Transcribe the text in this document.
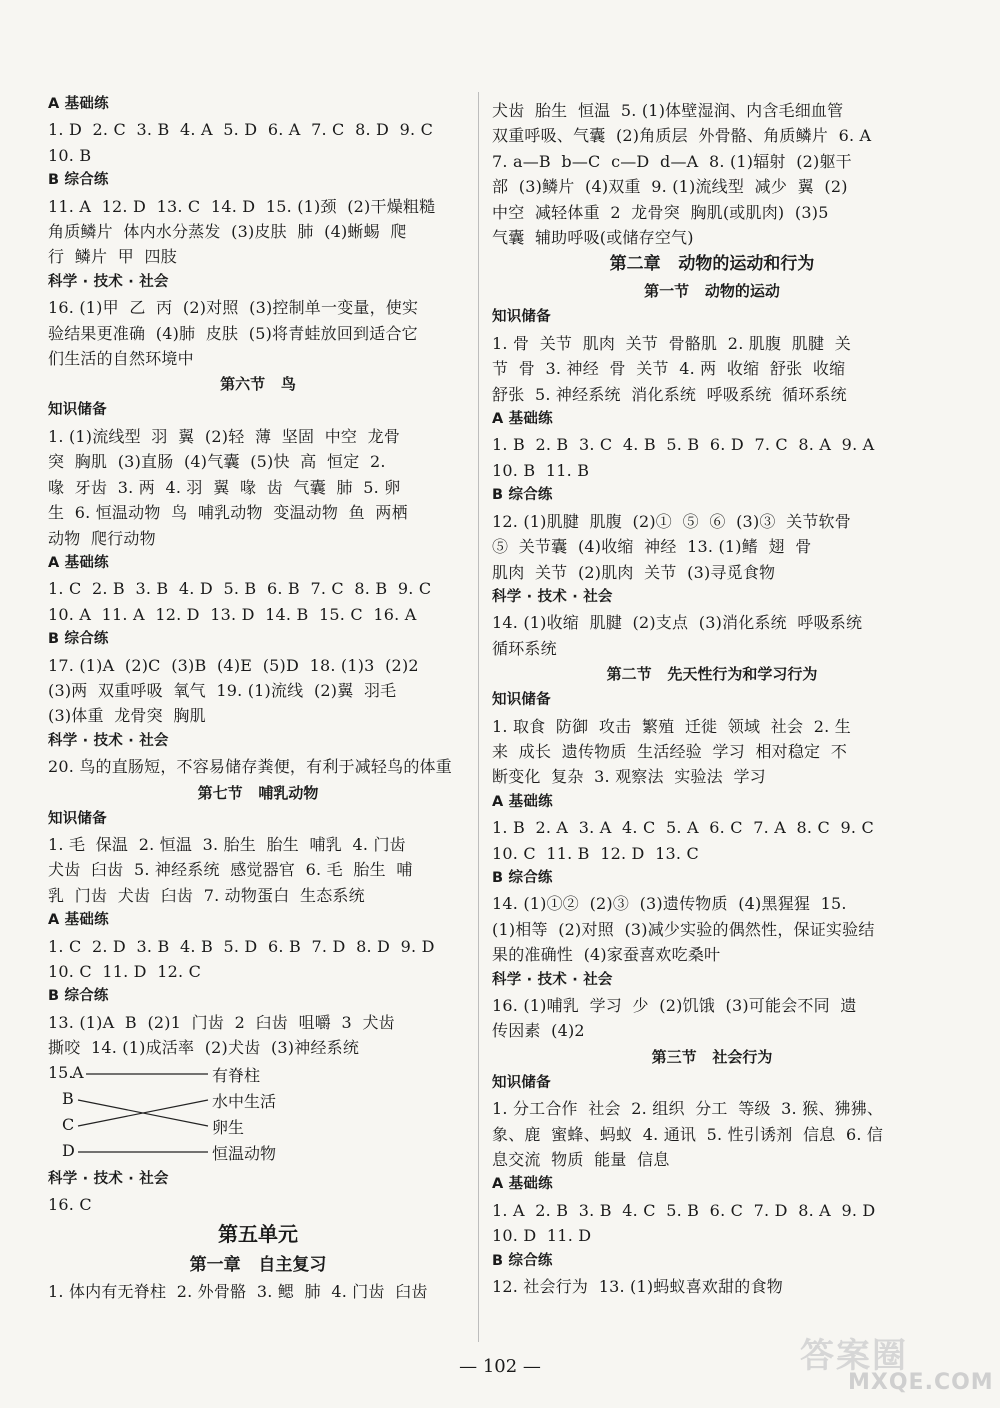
A 基础练
1. D  2. C  3. B  4. A  5. D  6. A  7. C  8. D  9. C
10. B
B 综合练
11. A  12. D  13. C  14. D  15. (1)颈  (2)干燥粗糙
角质鳞片  体内水分蒸发  (3)皮肤  肺  (4)蜥蜴  爬
行  鳞片  甲  四肢
科学 · 技术 · 社会
16. (1)甲  乙  丙  (2)对照  (3)控制单一变量，使实
验结果更准确  (4)肺  皮肤  (5)将青蛙放回到适合它
们生活的自然环境中
第六节   鸟
知识储备
1. (1)流线型  羽  翼  (2)轻  薄  坚固  中空  龙骨
突  胸肌  (3)直肠  (4)气囊  (5)快  高  恒定  2.
喙  牙齿  3. 两  4. 羽  翼  喙  齿  气囊  肺  5. 卵
生  6. 恒温动物  鸟  哺乳动物  变温动物  鱼  两栖
动物  爬行动物
A 基础练
1. C  2. B  3. B  4. D  5. B  6. B  7. C  8. B  9. C
10. A  11. A  12. D  13. D  14. B  15. C  16. A
B 综合练
17. (1)A  (2)C  (3)B  (4)E  (5)D  18. (1)3  (2)2
(3)两  双重呼吸  氧气  19. (1)流线  (2)翼  羽毛
(3)体重  龙骨突  胸肌
科学 · 技术 · 社会
20. 鸟的直肠短，不容易储存粪便，有利于减轻鸟的体重
第七节   哺乳动物
知识储备
1. 毛  保温  2. 恒温  3. 胎生  胎生  哺乳  4. 门齿
犬齿  臼齿  5. 神经系统  感觉器官  6. 毛  胎生  哺
乳  门齿  犬齿  臼齿  7. 动物蛋白  生态系统
A 基础练
1. C  2. D  3. B  4. B  5. D  6. B  7. D  8. D  9. D
10. C  11. D  12. C
B 综合练
13. (1)A  B  (2)1  门齿  2  臼齿  咀嚼  3  犬齿
撕咬  14. (1)成活率  (2)犬齿  (3)神经系统
15.
A
B
C
D
有脊柱
水中生活
卵生
恒温动物
科学 · 技术 · 社会
16. C
第五单元
第一章   自主复习
1. 体内有无脊柱  2. 外骨骼  3. 鳃  肺  4. 门齿  臼齿
犬齿  胎生  恒温  5. (1)体壁湿润、内含毛细血管
双重呼吸、气囊  (2)角质层  外骨骼、角质鳞片  6. A
7. a—B  b—C  c—D  d—A  8. (1)辐射  (2)躯干
部  (3)鳞片  (4)双重  9. (1)流线型  减少  翼  (2)
中空  减轻体重  2  龙骨突  胸肌(或肌肉)  (3)5
气囊  辅助呼吸(或储存空气)
第二章   动物的运动和行为
第一节   动物的运动
知识储备
1. 骨  关节  肌肉  关节  骨骼肌  2. 肌腹  肌腱  关
节  骨  3. 神经  骨  关节  4. 两  收缩  舒张  收缩
舒张  5. 神经系统  消化系统  呼吸系统  循环系统
A 基础练
1. B  2. B  3. C  4. B  5. B  6. D  7. C  8. A  9. A
10. B  11. B
B 综合练
12. (1)肌腱  肌腹  (2)①  ⑤  ⑥  (3)③  关节软骨
⑤  关节囊  (4)收缩  神经  13. (1)鳍  翅  骨
肌肉  关节  (2)肌肉  关节  (3)寻觅食物
科学 · 技术 · 社会
14. (1)收缩  肌腱  (2)支点  (3)消化系统  呼吸系统
循环系统
第二节   先天性行为和学习行为
知识储备
1. 取食  防御  攻击  繁殖  迁徙  领域  社会  2. 生
来  成长  遗传物质  生活经验  学习  相对稳定  不
断变化  复杂  3. 观察法  实验法  学习
A 基础练
1. B  2. A  3. A  4. C  5. A  6. C  7. A  8. C  9. C
10. C  11. B  12. D  13. C
B 综合练
14. (1)①②  (2)③  (3)遗传物质  (4)黑猩猩  15.
(1)相等  (2)对照  (3)减少实验的偶然性，保证实验结
果的准确性  (4)家蚕喜欢吃桑叶
科学 · 技术 · 社会
16. (1)哺乳  学习  少  (2)饥饿  (3)可能会不同  遗
传因素  (4)2
第三节   社会行为
知识储备
1. 分工合作  社会  2. 组织  分工  等级  3. 猴、狒狒、
象、鹿  蜜蜂、蚂蚁  4. 通讯  5. 性引诱剂  信息  6. 信
息交流  物质  能量  信息
A 基础练
1. A  2. B  3. B  4. C  5. B  6. C  7. D  8. A  9. D
10. D  11. D
B 综合练
12. 社会行为  13. (1)蚂蚁喜欢甜的食物
— 102 —	答案圈
MXQE.COM
